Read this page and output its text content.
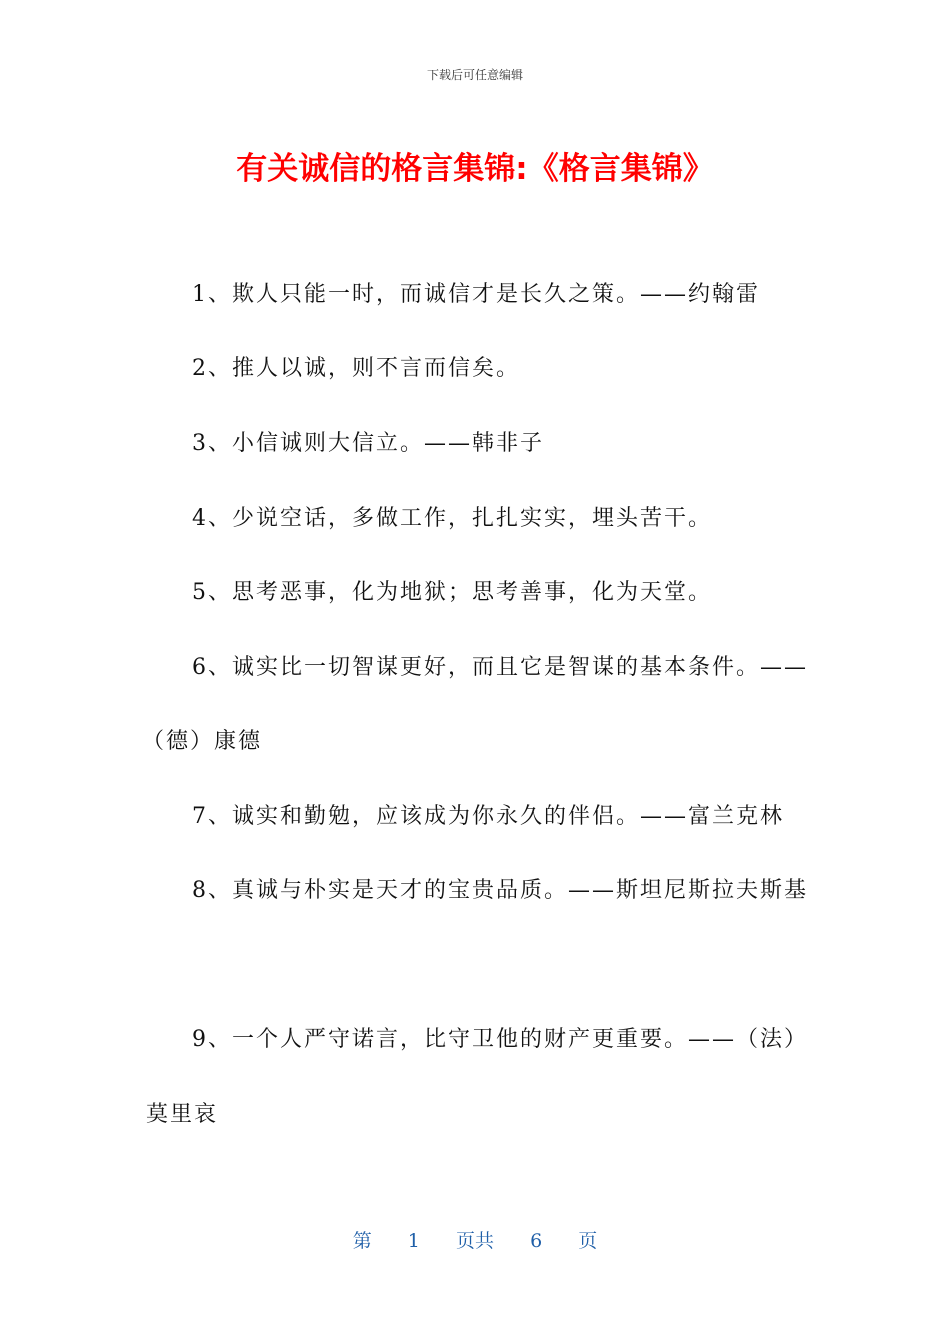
下载后可任意编辑
有关诚信的格言集锦:《格言集锦》
1、欺人只能一时，而诚信才是长久之策。——约翰雷
2、推人以诚，则不言而信矣。
3、小信诚则大信立。——韩非子
4、少说空话，多做工作，扎扎实实，埋头苦干。
5、思考恶事，化为地狱；思考善事，化为天堂。
6、诚实比一切智谋更好，而且它是智谋的基本条件。——
（德）康德
7、诚实和勤勉，应该成为你永久的伴侣。——富兰克林
8、真诚与朴实是天才的宝贵品质。——斯坦尼斯拉夫斯基
9、一个人严守诺言，比守卫他的财产更重要。——（法）
莫里哀
第 1 页共 6 页
